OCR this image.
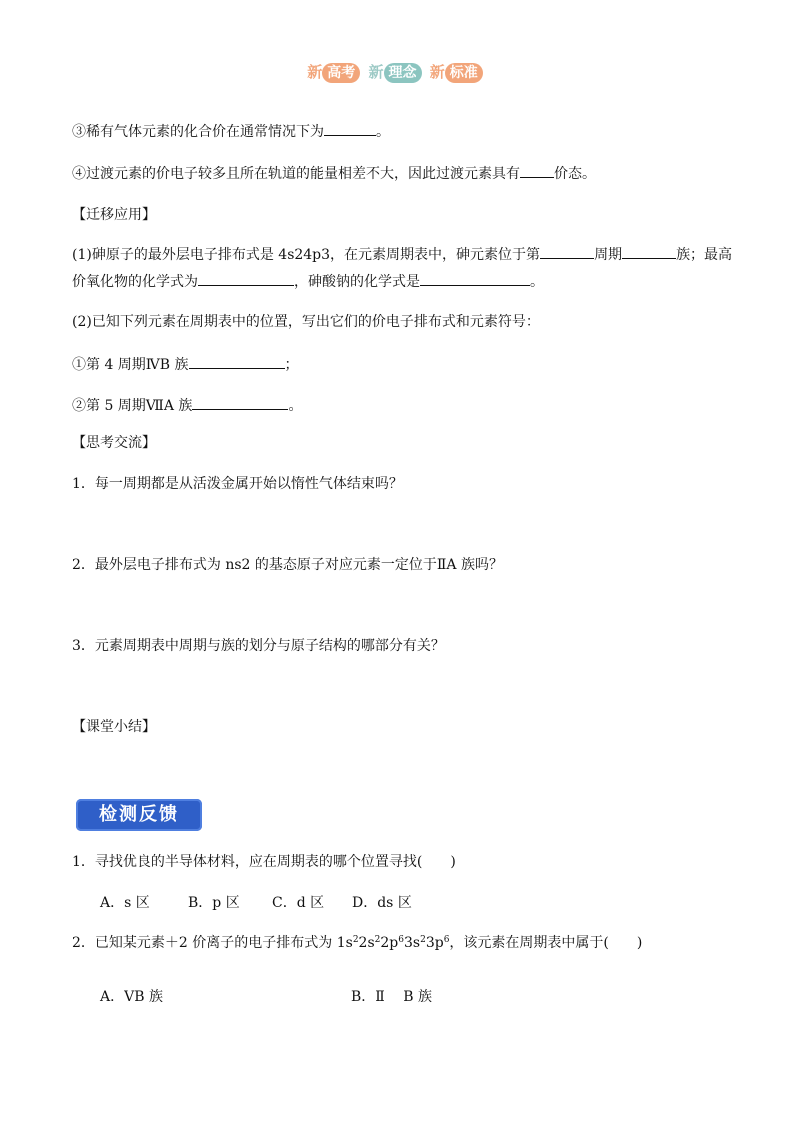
新 高考 新 理念 新 标准
③稀有气体元素的化合价在通常情况下为	。
④过渡元素的价电子较多且所在轨道的能量相差不大，因此过渡元素具有 价态。
【迁移应用】
(1)砷原子的最外层电子排布式是 4s24p3，在元素周期表中，砷元素位于第	周期	族；最高
价氧化物的化学式为	，砷酸钠的化学式是	。
(2)已知下列元素在周期表中的位置，写出它们的价电子排布式和元素符号：
①第 4 周期ⅣB 族	；
②第 5 周期ⅦA 族	。
【思考交流】
1．每一周期都是从活泼金属开始以惰性气体结束吗？
2．最外层电子排布式为 ns2 的基态原子对应元素一定位于ⅡA 族吗？
3．元素周期表中周期与族的划分与原子结构的哪部分有关？
【课堂小结】
检测反馈
1．寻找优良的半导体材料，应在周期表的哪个位置寻找(　　)
A．s 区	B．p 区 C．d 区 D．ds 区
2．已知某元素＋2 价离子的电子排布式为 $1s^22s^22p^63s^23p^6$，该元素在周期表中属于(　　)
A．ⅤB 族	B．Ⅱ　 B 族
